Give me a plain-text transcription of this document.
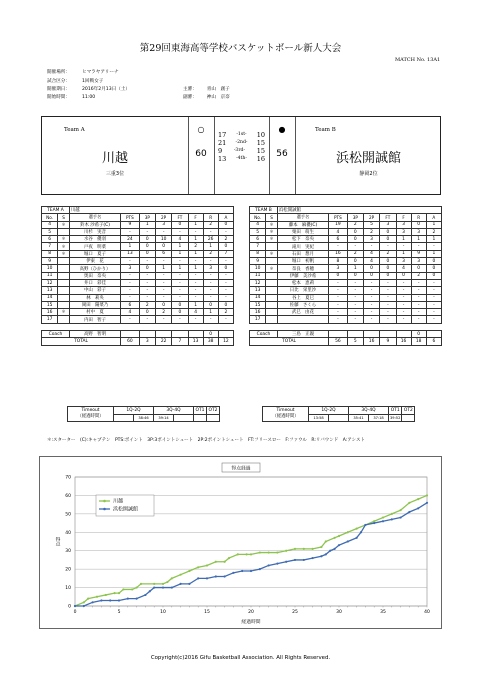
第29回東海高等学校バスケットボール新人大会
MATCH No. 13A1
開催場所：	ヒマラヤアリーナ
試合区分：	1回戦女子
開催期日：	2016年2月13日（土）
開始時間：	11:00
主審： 青山　創子
副審： 神山　京奈
Team A
川越
三重3位
○
60
17 -1st- 10
21 -2nd- 15
9	-3rd- 15
13 -4th- 16
●
56
Team B
浜松開誠館
静岡2位
TEAM A		川越							
No.	S	選手名	PTS	3P	2P	FT	F	R	A
4	＊	鈴木 沙希子(C)	9	1	3	0	1	2	0
5		川杉　実音	-	-	-	-	-	-	-
6	＊	水谷　優羽	24	0	10	4	1	26	2
7	＊	戸夜　明菜	1	0	0	1	2	1	0
8	＊	堀口　夏子	13	0	6	1	1	2	7
9		伊東　花	-	-	-	-	-	-	-
10		高野（ひかり）	3	0	1	1	1	3	0
11		奥田　奈央	-	-	-	-	-	-	-
12		井口　彩佳	-	-	-	-	-	-	-
13		中山　彩子	-	-	-	-	-	-	-
14		林　莉央	-	-	-	-	-	-	-
15		岡田　陽菜乃	6	2	0	0	1	0	0
16	＊	村中　夏	4	0	2	0	4	1	2
17		内田　智子	-	-	-	-	-	-	-

Coach		高野　智明						0	
TOTAL			60	3	22	7	13	38	12
TEAM B		浜松開誠館							
No.	S	選手名	PTS	3P	2P	FT	F	R	A
4	＊	藤本　麻優(C)	19	2	5	3	3	0	1
5	＊	栗田　萌生	4	0	2	0	3	3	2
6	＊	松下　奈央	6	0	3	0	1	1	1
7		滝川　実紀	-	-	-	-	-	-	-
8	＊	石田　想月	16	2	4	2	1	9	1
9		堀口　初帆	8	0	4	0	3	3	0
10	＊	奈良　香穂	3	1	0	0	4	0	0
11		伊藤　美沙希	0	0	0	0	0	2	0
12		松本　恵莉	-	-	-	-	-	-	-
13		日比　栄里沙	-	-	-	-	-	-	-
14		谷上　夏巳	-	-	-	-	-	-	-
15		佐藤　さくら	-	-	-	-	-	-	-
16		武巳　由花	-	-	-	-	-	-	-
17			-	-	-	-	-	-	-

Coach		三島　正親						0	
TOTAL			56	5	16	9	16	18	6
Timeout
（経過時間）	1Q-2Q		3Q-4Q		OT1	OT2
		38:46	39:14			
Timeout
（経過時間）	1Q-2Q		3Q-4Q		OT1	OT2
	13:58		35:41	37:18	39:52	
＊:スターター　(C):キャプテン　PTS:ポイント　3P:3ポイントシュート　2P:2ポイントシュート　FT:フリースロー　F:ファウル　R:リバウンド　A:アシスト
0
10
20
30
40
50
60
70
0	5	10	15	20	25	30	35	40
経過時間
得点
得点経過
川越
浜松開誠館
Copyright(c)2016 Gifu Basketball Association. All Rights Reserved.
